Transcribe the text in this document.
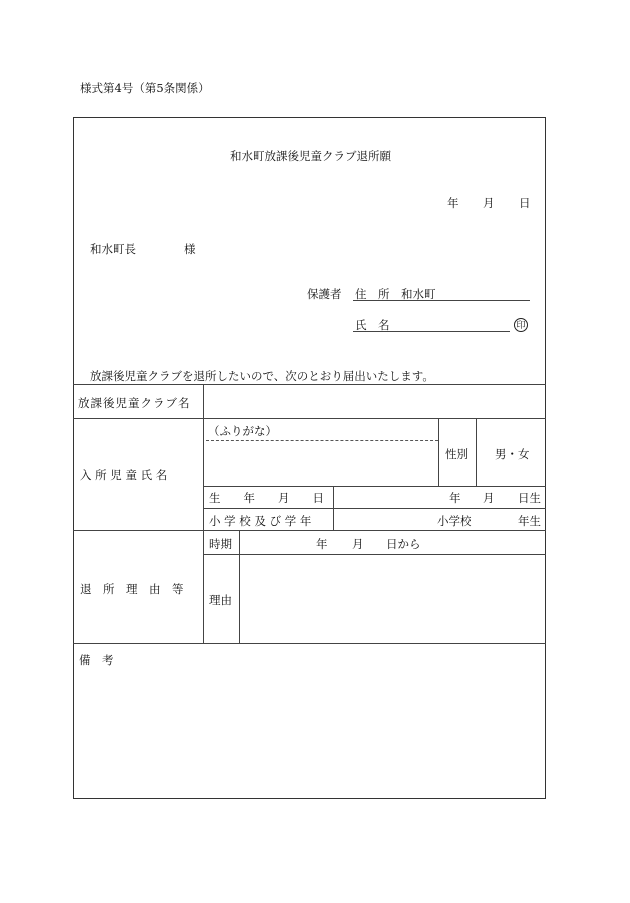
様式第4号（第5条関係）
和水町放課後児童クラブ退所願
年 月 日
和水町長	様
保護者 住　所 和水町
氏　名	印
放課後児童クラブを退所したいので、次のとおり届出いたします。
放課後児童クラブ名
入 所 児 童 氏 名
（ふりがな）
性別 男・女
生　　年　　月　　日	年 月 日生
小 学 校 及 び 学 年	小学校	年生
退　所　理　由　等
時期	年 月 日から
理由
備　考
